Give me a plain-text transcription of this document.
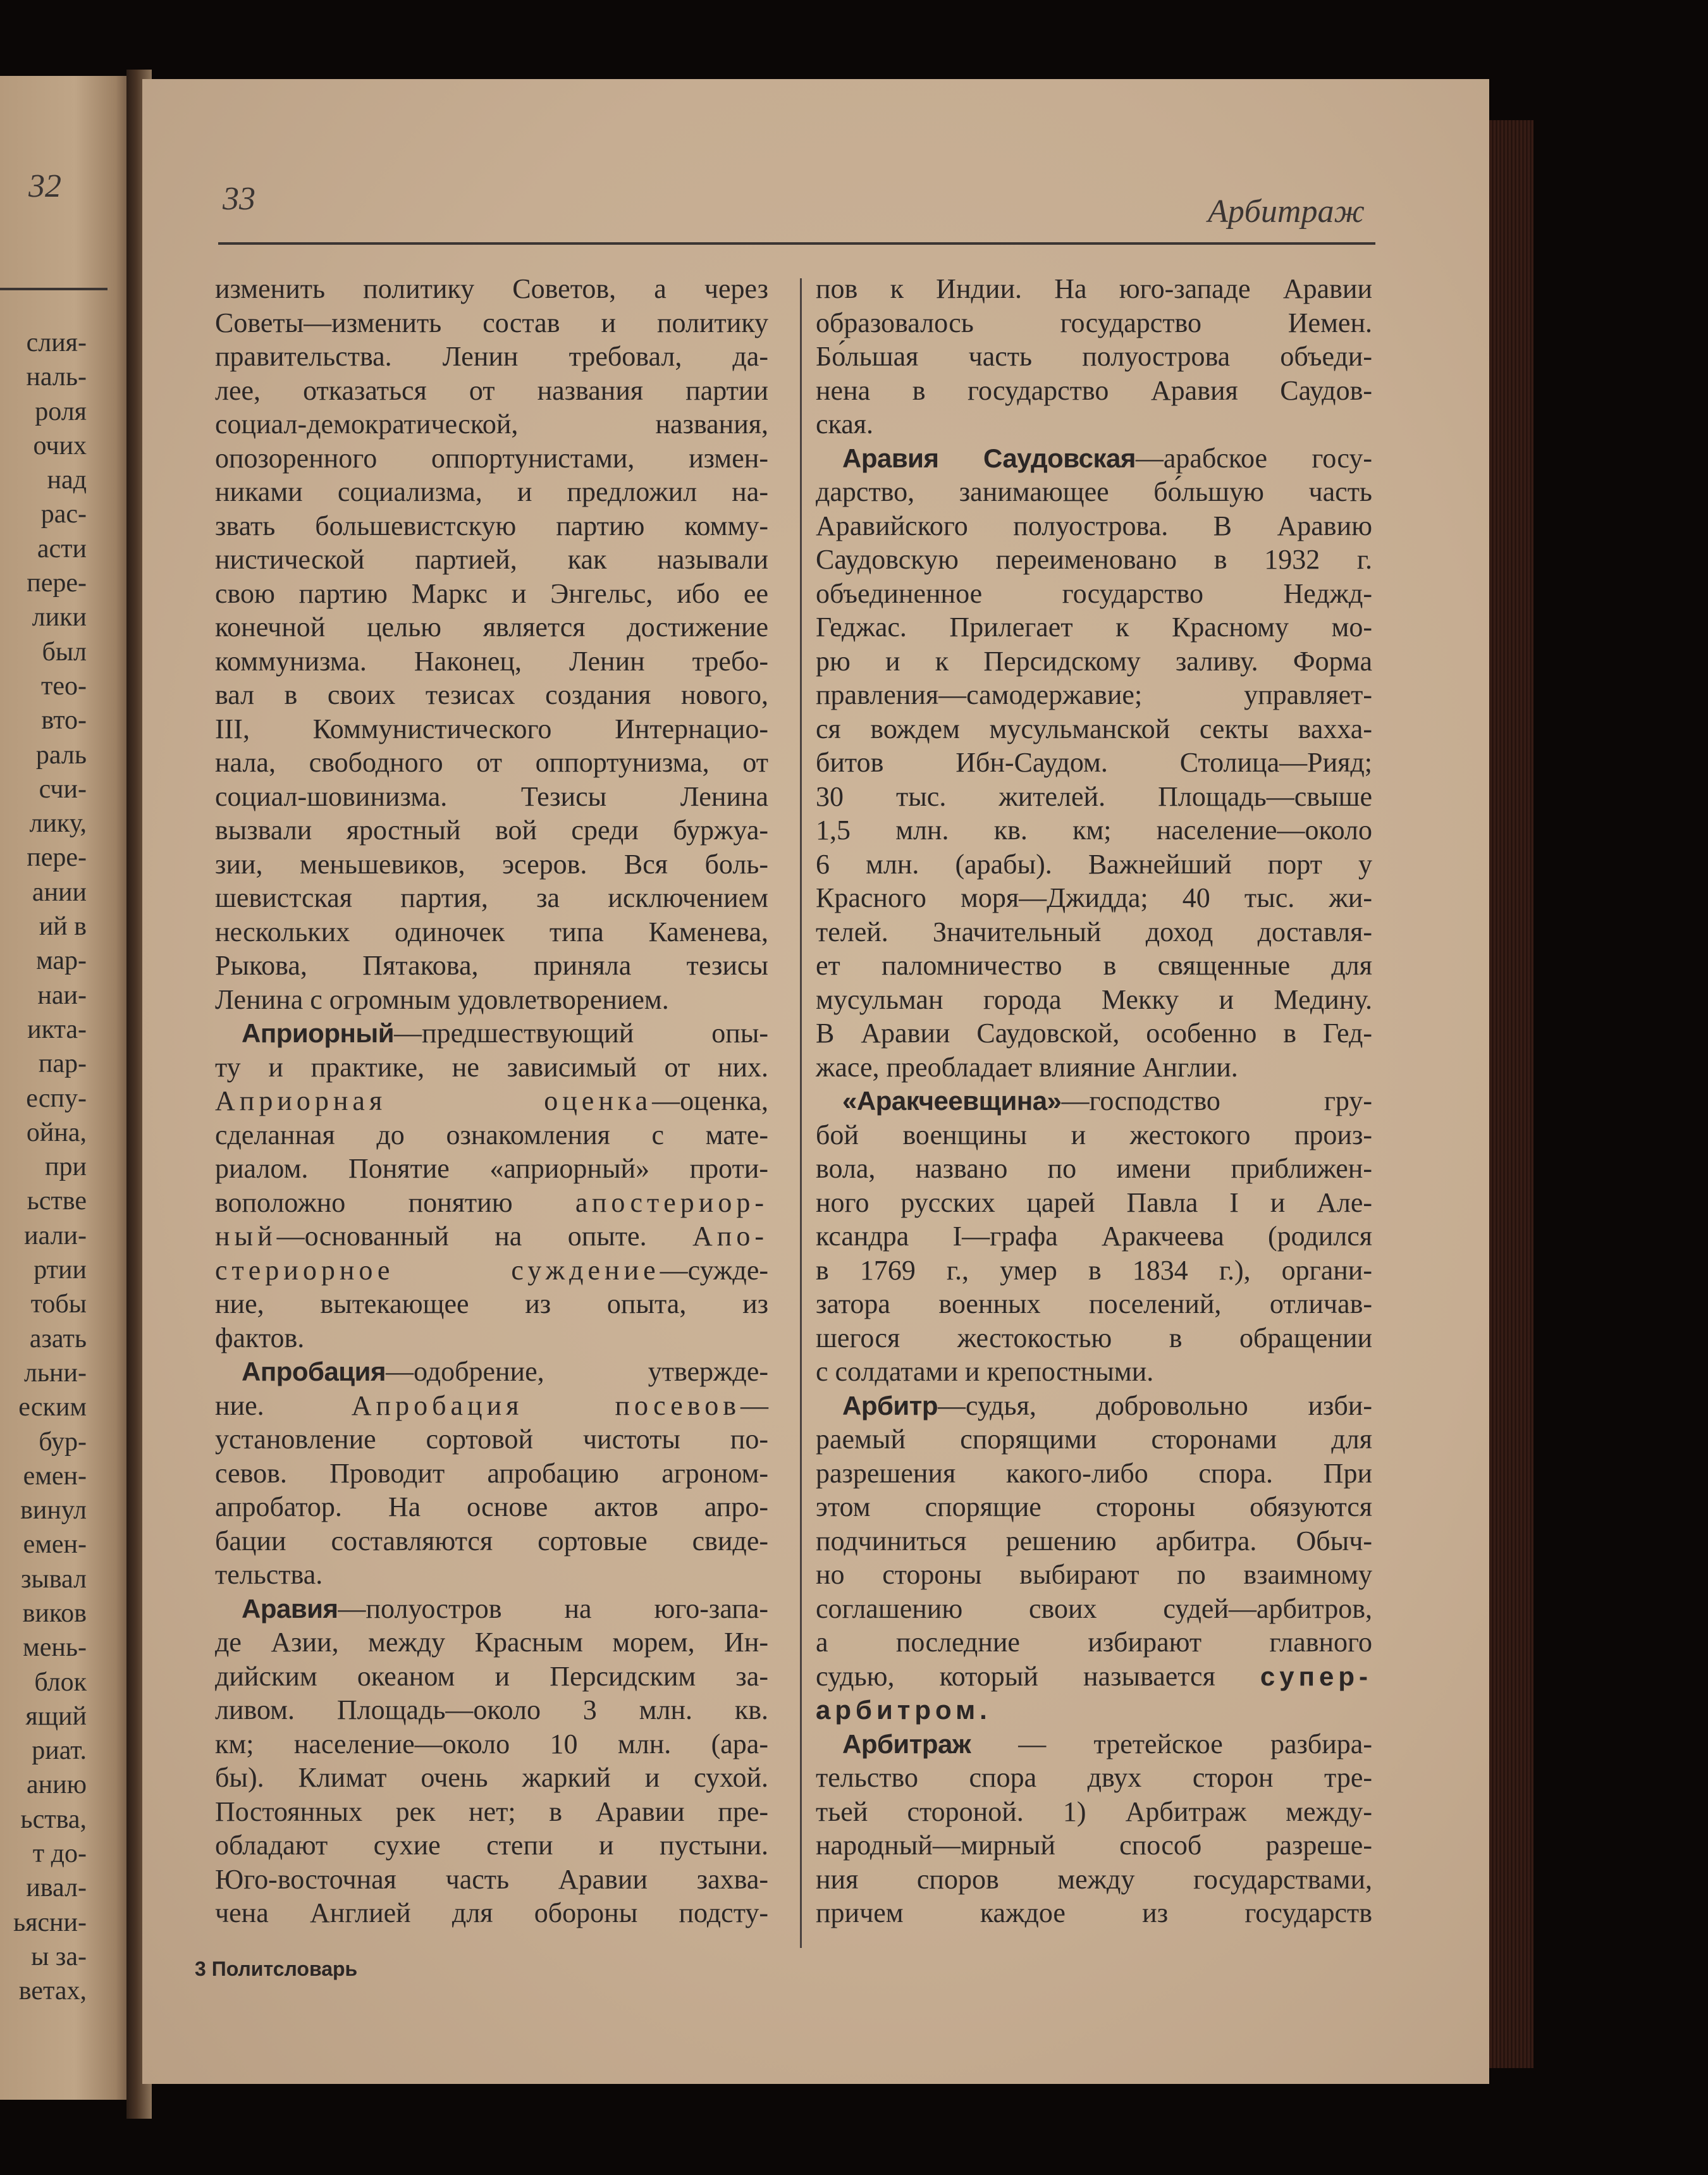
32
слия-
наль-
роля
очих
над
рас-
асти
пере-
лики
был
тео-
вто-
раль
счи-
лику,
пере-
ании
ий в
мар-
наи-
икта-
пар-
еспу-
ойна,
при
ьстве
иали-
ртии
тобы
азать
льни-
еским
бур-
емен-
винул
емен-
зывал
виков
мень-
блок
ящий
риат.
анию
ьства,
т до-
ивал-
ьясни-
ы за-
ветах,
33	Арбитраж
изменить политику Советов, а через
Советы—изменить состав и политику
правительства. Ленин требовал, да-
лее, отказаться от названия партии
социал-демократической, названия,
опозоренного оппортунистами, измен-
никами социализма, и предложил на-
звать большевистскую партию комму-
нистической партией, как называли
свою партию Маркс и Энгельс, ибо ее
конечной целью является достижение
коммунизма. Наконец, Ленин требо-
вал в своих тезисах создания нового,
III, Коммунистического Интернацио-
нала, свободного от оппортунизма, от
социал-шовинизма. Тезисы Ленина
вызвали яростный вой среди буржуа-
зии, меньшевиков, эсеров. Вся боль-
шевистская партия, за исключением
нескольких одиночек типа Каменева,
Рыкова, Пятакова, приняла тезисы
Ленина с огромным удовлетворением.
Априорный—предшествующий опы-
ту и практике, не зависимый от них.
Априорная оценка—оценка,
сделанная до ознакомления с мате-
риалом. Понятие «априорный» проти-
воположно понятию апостериор-
ный—основанный на опыте. Апо-
стериорное суждение—сужде-
ние, вытекающее из опыта, из
фактов.
Апробация—одобрение, утвержде-
ние. Апробация посевов—
установление сортовой чистоты по-
севов. Проводит апробацию агроном-
апробатор. На основе актов апро-
бации составляются сортовые свиде-
тельства.
Аравия—полуостров на юго-запа-
де Азии, между Красным морем, Ин-
дийским океаном и Персидским за-
ливом. Площадь—около 3 млн. кв.
км; население—около 10 млн. (ара-
бы). Климат очень жаркий и сухой.
Постоянных рек нет; в Аравии пре-
обладают сухие степи и пустыни.
Юго-восточная часть Аравии захва-
чена Англией для обороны подсту-
пов к Индии. На юго-западе Аравии
образовалось государство Иемен.
Бо́льшая часть полуострова объеди-
нена в государство Аравия Саудов-
ская.
Аравия Саудовская—арабское госу-
дарство, занимающее бо́льшую часть
Аравийского полуострова. В Аравию
Саудовскую переименовано в 1932 г.
объединенное государство Неджд-
Геджас. Прилегает к Красному мо-
рю и к Персидскому заливу. Форма
правления—самодержавие; управляет-
ся вождем мусульманской секты вахха-
битов Ибн-Саудом. Столица—Рияд;
30 тыс. жителей. Площадь—свыше
1,5 млн. кв. км; население—около
6 млн. (арабы). Важнейший порт у
Красного моря—Джидда; 40 тыс. жи-
телей. Значительный доход доставля-
ет паломничество в священные для
мусульман города Мекку и Медину.
В Аравии Саудовской, особенно в Гед-
жасе, преобладает влияние Англии.
«Аракчеевщина»—господство гру-
бой военщины и жестокого произ-
вола, названо по имени приближен-
ного русских царей Павла I и Але-
ксандра I—графа Аракчеева (родился
в 1769 г., умер в 1834 г.), органи-
затора военных поселений, отличав-
шегося жестокостью в обращении
с солдатами и крепостными.
Арбитр—судья, добровольно изби-
раемый спорящими сторонами для
разрешения какого-либо спора. При
этом спорящие стороны обязуются
подчиниться решению арбитра. Обыч-
но стороны выбирают по взаимному
соглашению своих судей—арбитров,
а последние избирают главного
судью, который называется супер-
арбитром.
Арбитраж — третейское разбира-
тельство спора двух сторон тре-
тьей стороной. 1) Арбитраж между-
народный—мирный способ разреше-
ния споров между государствами,
причем каждое из государств
3 Политсловарь
